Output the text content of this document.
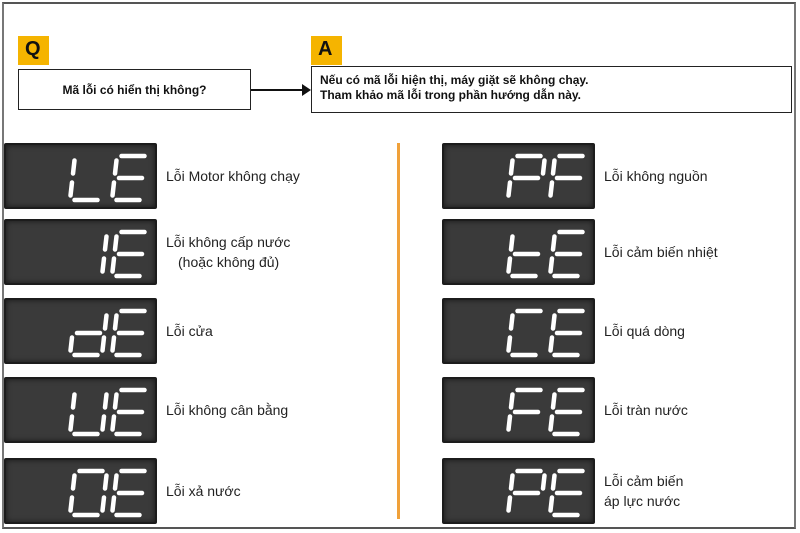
Q
Mã lỗi có hiển thị không?
A
Nếu có mã lỗi hiện thị, máy giặt sẽ không chạy.
Tham khảo mã lỗi trong phần hướng dẫn này.
Lỗi Motor không chạy
Lỗi không cấp nước
(hoặc không đủ)
Lỗi cửa
Lỗi không cân bằng
Lỗi xả nước
Lỗi không nguồn
Lỗi cảm biến nhiệt
Lỗi quá dòng
Lỗi tràn nước
Lỗi cảm biến
áp lực nước
